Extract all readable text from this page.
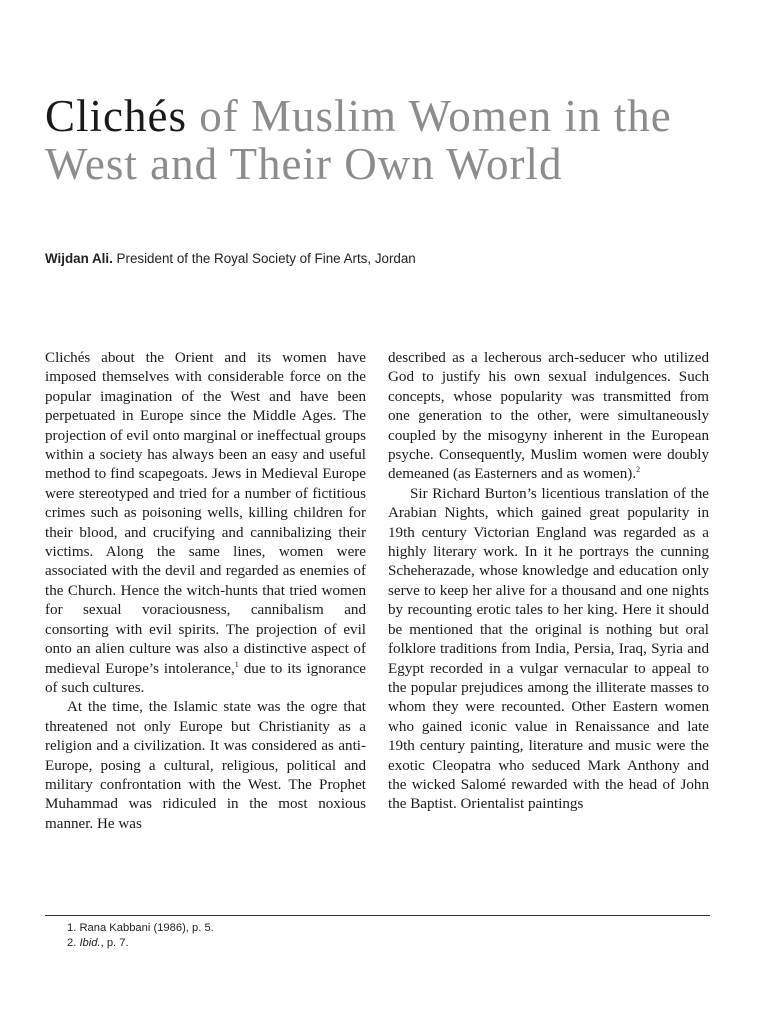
Clichés of Muslim Women in the West and Their Own World

Wijdan Ali. President of the Royal Society of Fine Arts, Jordan

Clichés about the Orient and its women have imposed themselves with considerable force on the popular imagination of the West and have been perpetuated in Europe since the Middle Ages. The projection of evil onto marginal or ineffectual groups within a society has always been an easy and useful method to find scapegoats. Jews in Medieval Europe were stereotyped and tried for a number of fictitious crimes such as poisoning wells, killing children for their blood, and crucifying and cannibalizing their victims. Along the same lines, women were associated with the devil and regarded as enemies of the Church. Hence the witch-hunts that tried women for sexual voraciousness, cannibalism and consorting with evil spirits. The projection of evil onto an alien culture was also a distinctive aspect of medieval Europe’s intolerance,$^1$ due to its ignorance of such cultures.

At the time, the Islamic state was the ogre that threatened not only Europe but Christianity as a religion and a civilization. It was considered as anti-Europe, posing a cultural, religious, political and military confrontation with the West. The Prophet Muhammad was ridiculed in the most noxious manner. He was

described as a lecherous arch-seducer who utilized God to justify his own sexual indulgences. Such concepts, whose popularity was transmitted from one generation to the other, were simultaneously coupled by the misogyny inherent in the European psyche. Consequently, Muslim women were doubly demeaned (as Easterners and as women).$^2$

Sir Richard Burton’s licentious translation of the Arabian Nights, which gained great popularity in 19th century Victorian England was regarded as a highly literary work. In it he portrays the cunning Scheherazade, whose knowledge and education only serve to keep her alive for a thousand and one nights by recounting erotic tales to her king. Here it should be mentioned that the original is nothing but oral folklore traditions from India, Persia, Iraq, Syria and Egypt recorded in a vulgar vernacular to appeal to the popular prejudices among the illiterate masses to whom they were recounted. Other Eastern women who gained iconic value in Renaissance and late 19th century painting, literature and music were the exotic Cleopatra who seduced Mark Anthony and the wicked Salomé rewarded with the head of John the Baptist. Orientalist paintings

1. Rana Kabbani (1986), p. 5.
2. Ibid., p. 7.
